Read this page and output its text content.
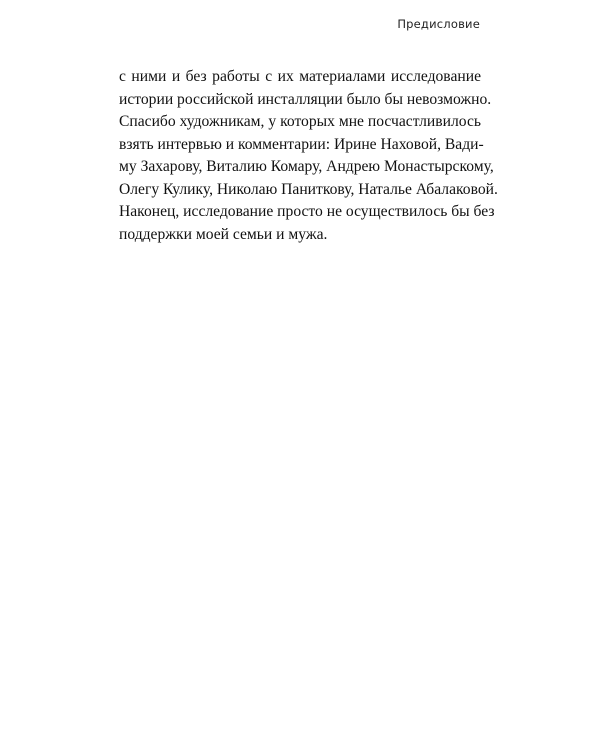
Предисловие
с ними и без работы с их материалами исследование
истории российской инсталляции было бы невозможно.
Спасибо художникам, у которых мне посчастливилось
взять интервью и комментарии: Ирине Наховой, Вади-
му Захарову, Виталию Комару, Андрею Монастырскому,
Олегу Кулику, Николаю Паниткову, Наталье Абалаковой.
Наконец, исследование просто не осуществилось бы без
поддержки моей семьи и мужа.
